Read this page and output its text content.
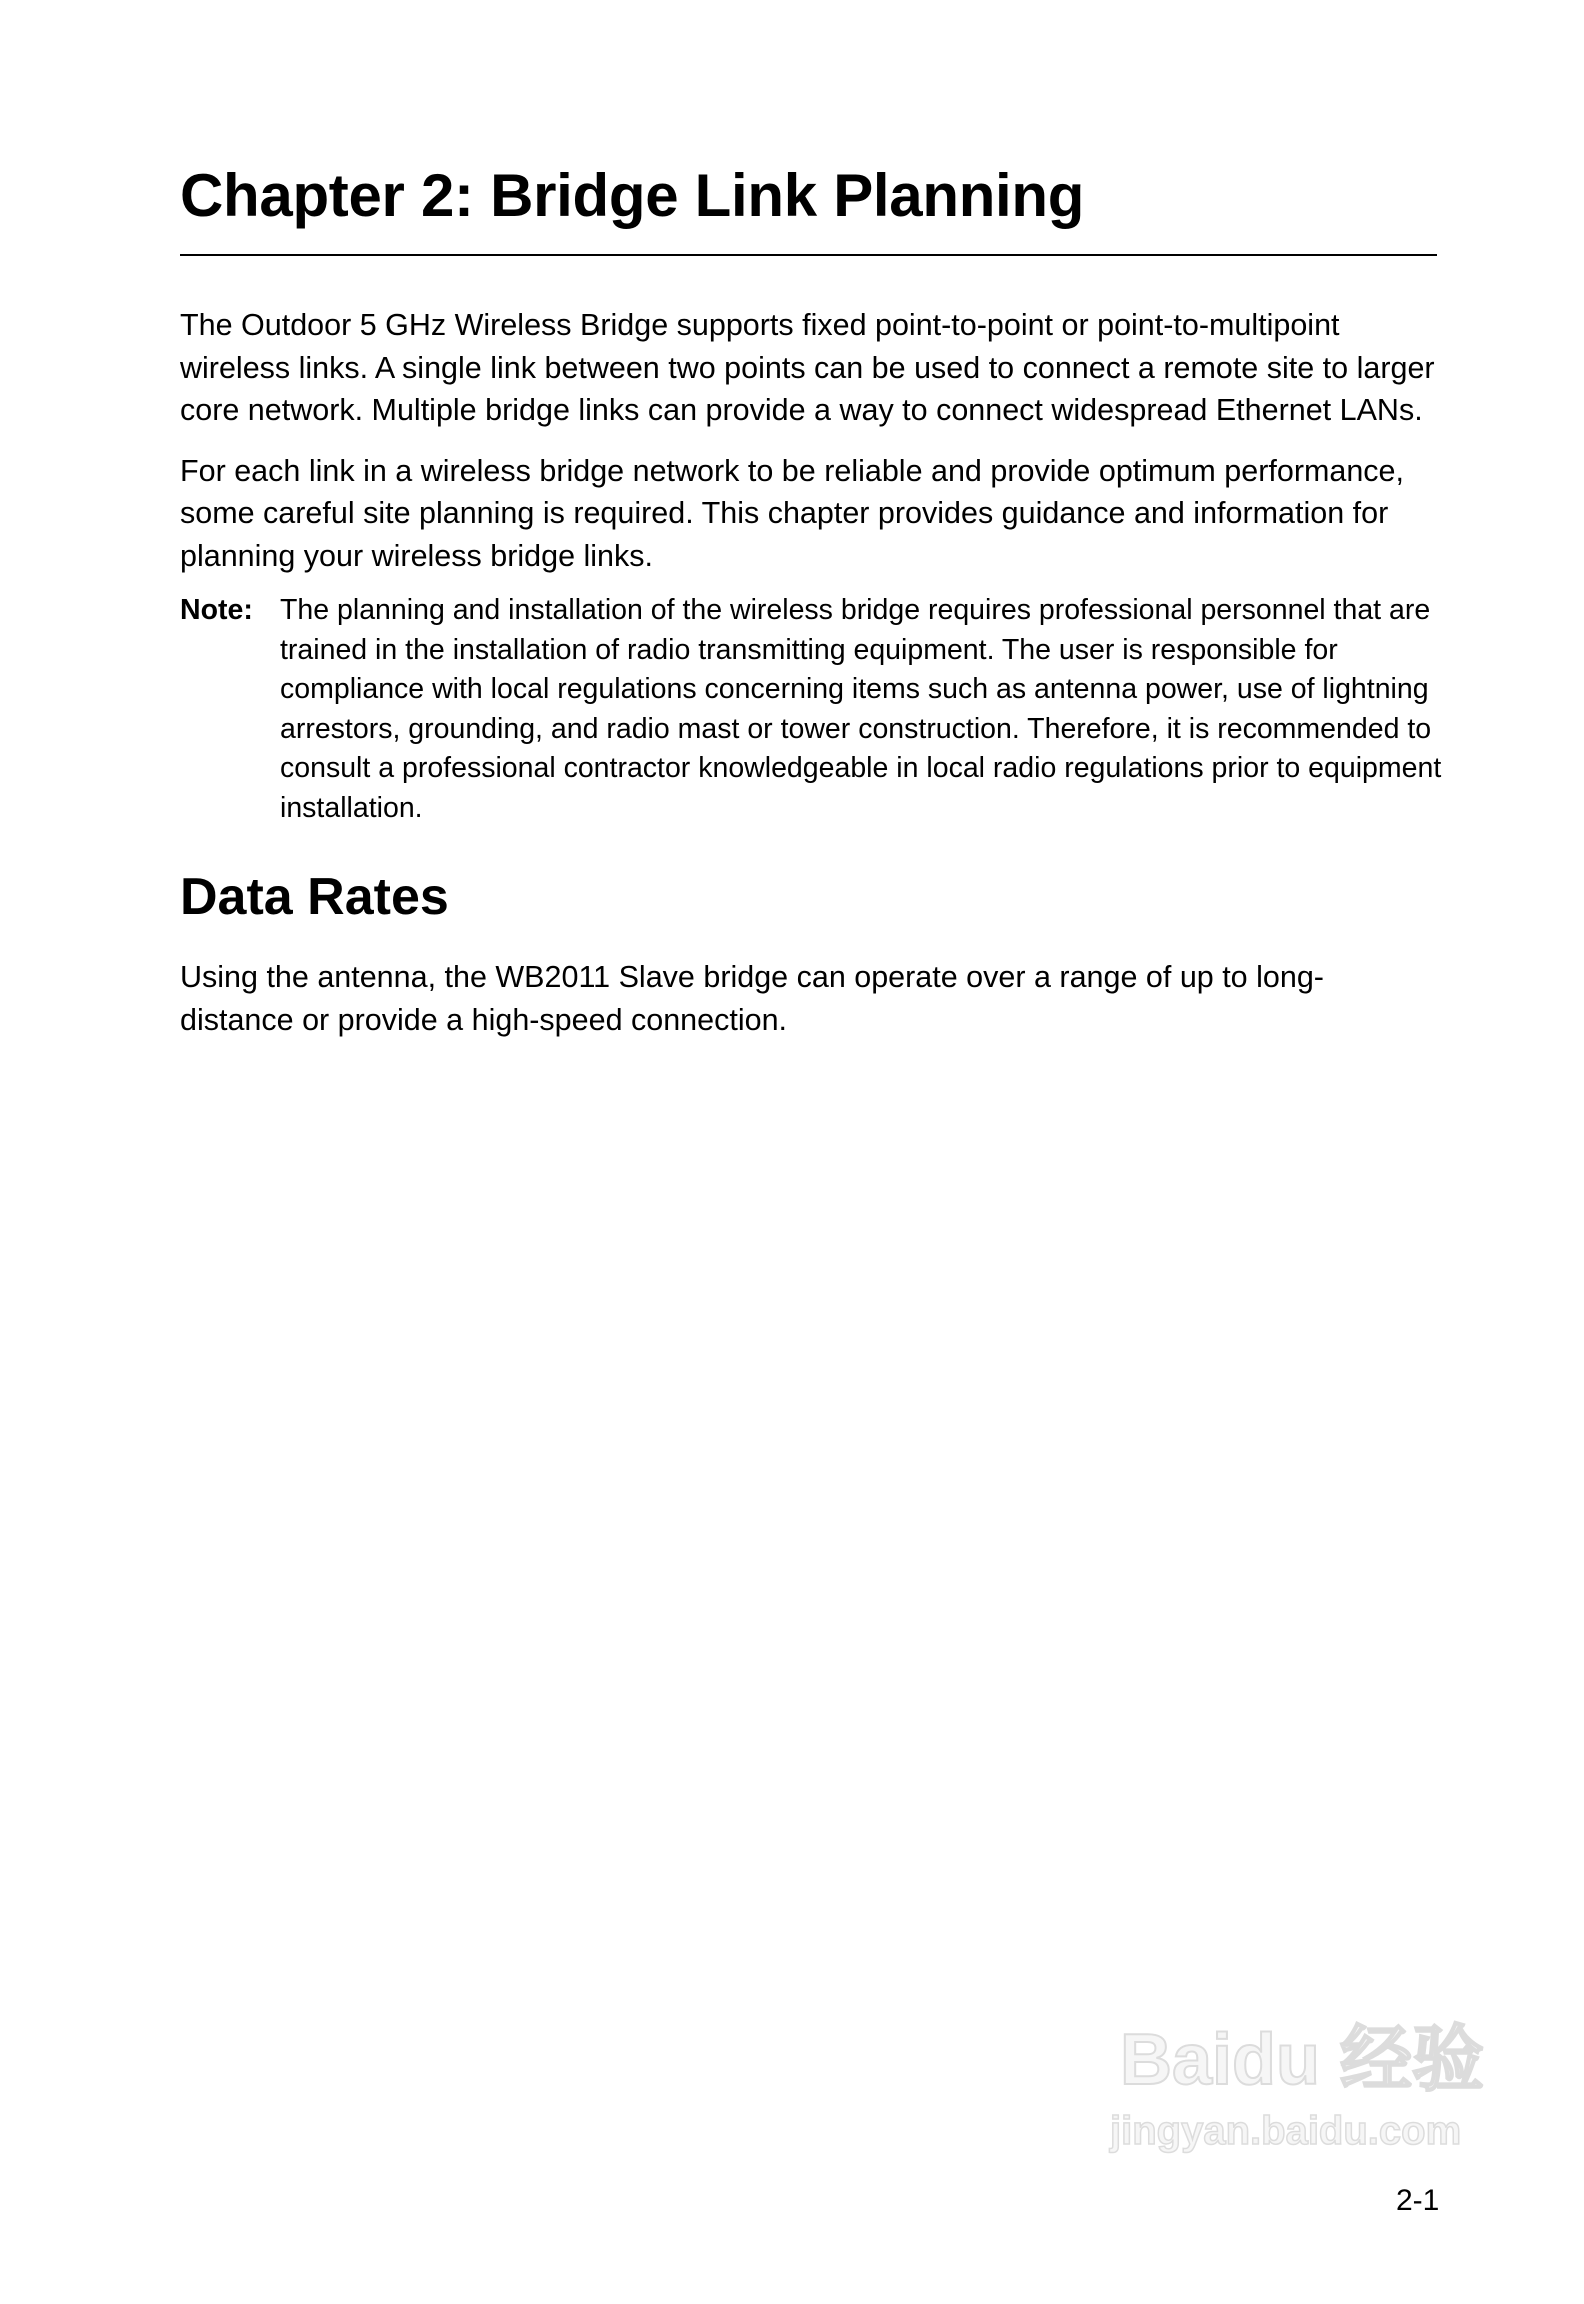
Chapter 2: Bridge Link Planning

The Outdoor 5 GHz Wireless Bridge supports fixed point-to-point or point-to-multipoint wireless links. A single link between two points can be used to connect a remote site to larger core network. Multiple bridge links can provide a way to connect widespread Ethernet LANs.

For each link in a wireless bridge network to be reliable and provide optimum performance, some careful site planning is required. This chapter provides guidance and information for planning your wireless bridge links.

Note: The planning and installation of the wireless bridge requires professional personnel that are trained in the installation of radio transmitting equipment. The user is responsible for compliance with local regulations concerning items such as antenna power, use of lightning arrestors, grounding, and radio mast or tower construction. Therefore, it is recommended to consult a professional contractor knowledgeable in local radio regulations prior to equipment installation.
Data Rates

Using the antenna, the WB2011 Slave bridge can operate over a range of up to long-distance or provide a high-speed connection.

Baidu 经验
jingyan.baidu.com
2-1
